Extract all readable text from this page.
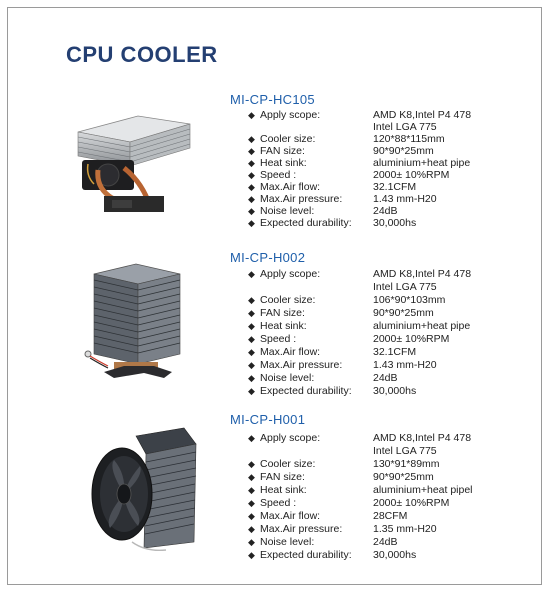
CPU COOLER
MI-CP-HC105
◆ Apply scope:	AMD K8,Intel P4 478
Intel LGA 775
◆ Cooler size:	120*88*115mm
◆ FAN size:	90*90*25mm
◆ Heat sink:	aluminium+heat pipe
◆ Speed :	2000± 10%RPM
◆ Max.Air flow:	32.1CFM
◆ Max.Air pressure:	1.43 mm-H20
◆ Noise level:	24dB
◆ Expected durability: 30,000hs
MI-CP-H002
◆ Apply scope:	AMD K8,Intel P4 478
Intel LGA 775
◆ Cooler size:	106*90*103mm
◆ FAN size:	90*90*25mm
◆ Heat sink:	aluminium+heat pipe
◆ Speed :	2000± 10%RPM
◆ Max.Air flow:	32.1CFM
◆ Max.Air pressure:	1.43 mm-H20
◆ Noise level:	24dB
◆ Expected durability: 30,000hs
MI-CP-H001
◆ Apply scope:	AMD K8,Intel P4 478
Intel LGA 775
◆ Cooler size:	130*91*89mm
◆ FAN size:	90*90*25mm
◆ Heat sink:	aluminium+heat pipel
◆ Speed :	2000± 10%RPM
◆ Max.Air flow:	28CFM
◆ Max.Air pressure:	1.35 mm-H20
◆ Noise level:	24dB
◆ Expected durability: 30,000hs
